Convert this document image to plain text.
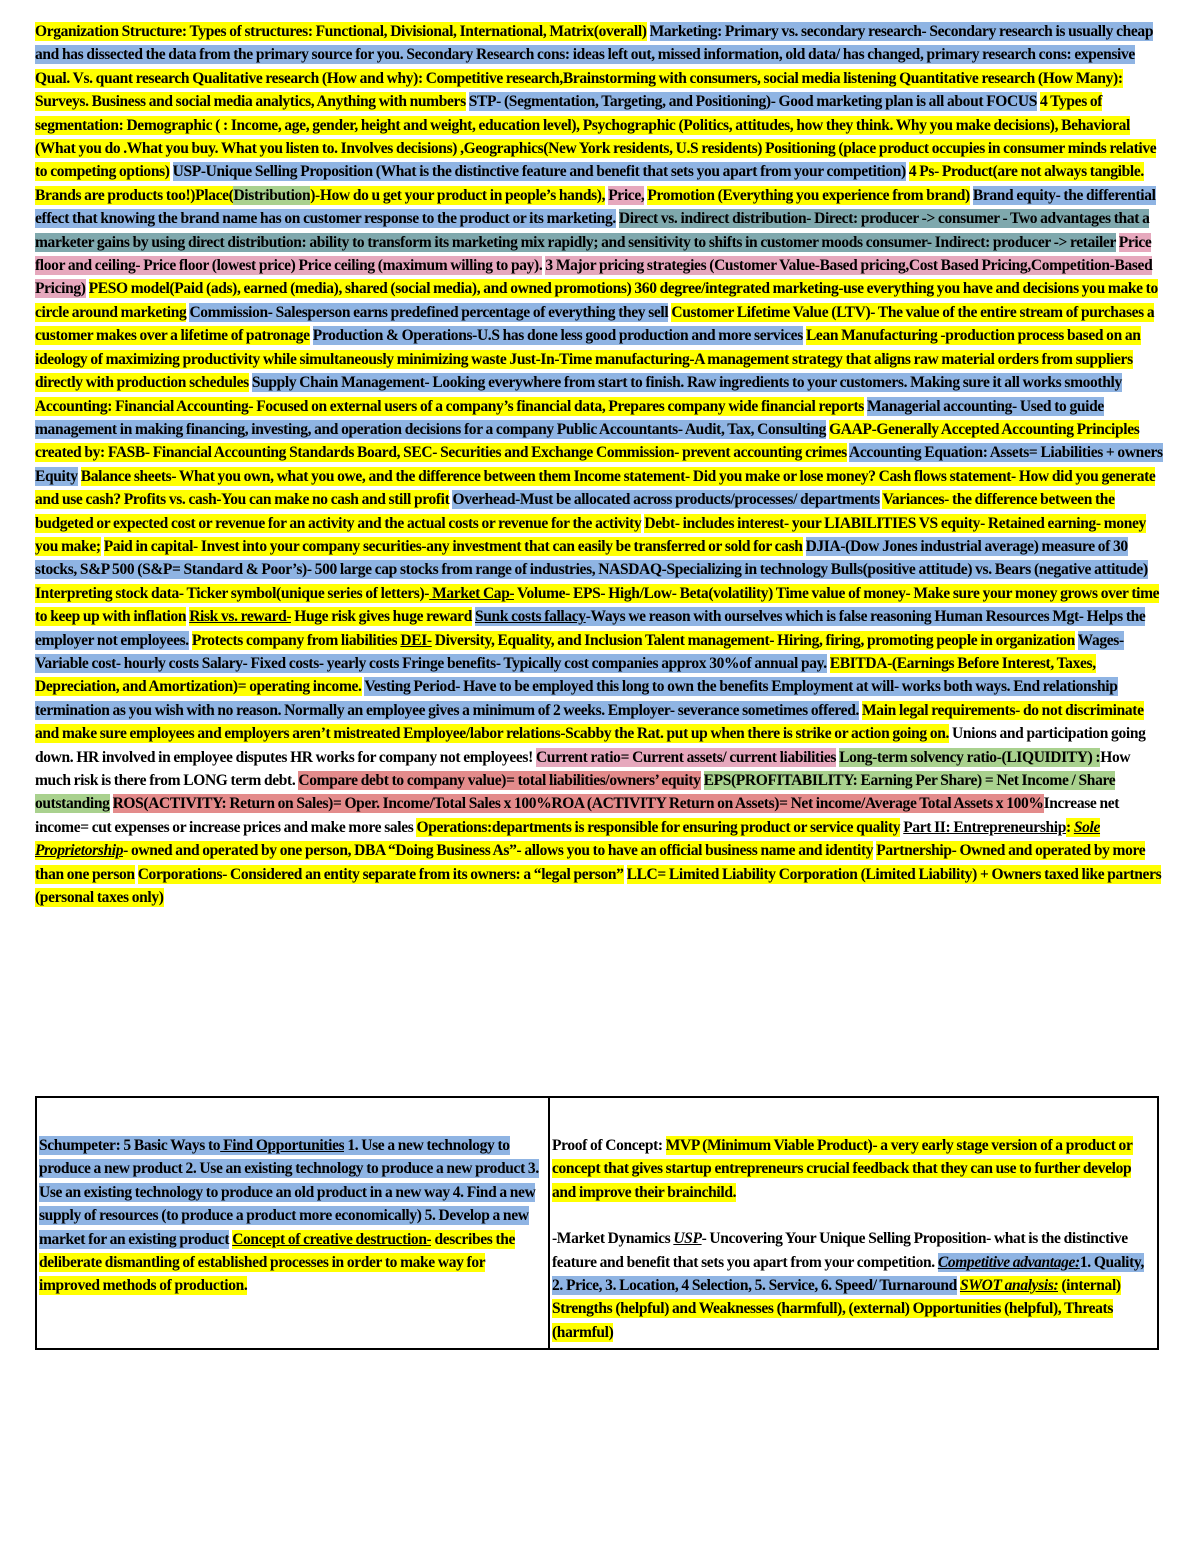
Organization Structure: Types of structures: Functional, Divisional, International, Matrix(overall) Marketing: Primary vs. secondary research- Secondary research is usually cheap and has dissected the data from the primary source for you. Secondary Research cons: ideas left out, missed information, old data/ has changed, primary research cons: expensive Qual. Vs. quant research Qualitative research (How and why): Competitive research,Brainstorming with consumers, social media listening Quantitative research (How Many): Surveys. Business and social media analytics, Anything with numbers STP- (Segmentation, Targeting, and Positioning)- Good marketing plan is all about FOCUS 4 Types of segmentation: Demographic ( : Income, age, gender, height and weight, education level), Psychographic (Politics, attitudes, how they think. Why you make decisions), Behavioral (What you do .What you buy. What you listen to. Involves decisions) ,Geographics(New York residents, U.S residents) Positioning (place product occupies in consumer minds relative to competing options) USP-Unique Selling Proposition (What is the distinctive feature and benefit that sets you apart from your competition) 4 Ps- Product(are not always tangible. Brands are products too!)Place(Distribution)-How do u get your product in people’s hands), Price, Promotion (Everything you experience from brand) Brand equity- the differential effect that knowing the brand name has on customer response to the product or its marketing. Direct vs. indirect distribution- Direct: producer -> consumer - Two advantages that a marketer gains by using direct distribution: ability to transform its marketing mix rapidly; and sensitivity to shifts in customer moods consumer- Indirect: producer -> retailer Price floor and ceiling- Price floor (lowest price) Price ceiling (maximum willing to pay). 3 Major pricing strategies (Customer Value-Based pricing,Cost Based Pricing,Competition-Based Pricing) PESO model(Paid (ads), earned (media), shared (social media), and owned promotions) 360 degree/integrated marketing-use everything you have and decisions you make to circle around marketing Commission- Salesperson earns predefined percentage of everything they sell Customer Lifetime Value (LTV)- The value of the entire stream of purchases a customer makes over a lifetime of patronage Production & Operations-U.S has done less good production and more services Lean Manufacturing -production process based on an ideology of maximizing productivity while simultaneously minimizing waste Just-In-Time manufacturing-A management strategy that aligns raw material orders from suppliers directly with production schedules Supply Chain Management- Looking everywhere from start to finish. Raw ingredients to your customers. Making sure it all works smoothly Accounting: Financial Accounting- Focused on external users of a company’s financial data, Prepares company wide financial reports Managerial accounting- Used to guide management in making financing, investing, and operation decisions for a company Public Accountants- Audit, Tax, Consulting GAAP-Generally Accepted Accounting Principles created by: FASB- Financial Accounting Standards Board, SEC- Securities and Exchange Commission- prevent accounting crimes Accounting Equation: Assets= Liabilities + owners Equity Balance sheets- What you own, what you owe, and the difference between them Income statement- Did you make or lose money? Cash flows statement- How did you generate and use cash? Profits vs. cash-You can make no cash and still profit Overhead-Must be allocated across products/processes/ departments Variances- the difference between the budgeted or expected cost or revenue for an activity and the actual costs or revenue for the activity Debt- includes interest- your LIABILITIES VS equity- Retained earning- money you make; Paid in capital- Invest into your company securities-any investment that can easily be transferred or sold for cash DJIA-(Dow Jones industrial average) measure of 30 stocks, S&P 500 (S&P= Standard & Poor’s)- 500 large cap stocks from range of industries, NASDAQ-Specializing in technology Bulls(positive attitude) vs. Bears (negative attitude) Interpreting stock data- Ticker symbol(unique series of letters)- Market Cap- Volume- EPS- High/Low- Beta(volatility) Time value of money- Make sure your money grows over time to keep up with inflation Risk vs. reward- Huge risk gives huge reward Sunk costs fallacy-Ways we reason with ourselves which is false reasoning Human Resources Mgt- Helps the employer not employees. Protects company from liabilities DEI- Diversity, Equality, and Inclusion Talent management- Hiring, firing, promoting people in organization Wages- Variable cost- hourly costs Salary- Fixed costs- yearly costs Fringe benefits- Typically cost companies approx 30%of annual pay. EBITDA-(Earnings Before Interest, Taxes, Depreciation, and Amortization)= operating income. Vesting Period- Have to be employed this long to own the benefits Employment at will- works both ways. End relationship termination as you wish with no reason. Normally an employee gives a minimum of 2 weeks. Employer- severance sometimes offered. Main legal requirements- do not discriminate and make sure employees and employers aren’t mistreated Employee/labor relations-Scabby the Rat. put up when there is strike or action going on. Unions and participation going down. HR involved in employee disputes HR works for company not employees! Current ratio= Current assets/ current liabilities Long-term solvency ratio-(LIQUIDITY) :How much risk is there from LONG term debt. Compare debt to company value)= total liabilities/owners’ equity EPS(PROFITABILITY: Earning Per Share) = Net Income / Share outstanding ROS(ACTIVITY: Return on Sales)= Oper. Income/Total Sales x 100%ROA (ACTIVITY Return on Assets)= Net income/Average Total Assets x 100%Increase net income= cut expenses or increase prices and make more sales Operations:departments is responsible for ensuring product or service quality Part II: Entrepreneurship: Sole Proprietorship- owned and operated by one person, DBA “Doing Business As”- allows you to have an official business name and identity Partnership- Owned and operated by more than one person Corporations- Considered an entity separate from its owners: a “legal person” LLC= Limited Liability Corporation (Limited Liability) + Owners taxed like partners (personal taxes only)
Schumpeter: 5 Basic Ways to Find Opportunities 1. Use a new technology to produce a new product 2. Use an existing technology to produce a new product 3. Use an existing technology to produce an old product in a new way 4. Find a new supply of resources (to produce a product more economically) 5. Develop a new market for an existing product Concept of creative destruction- describes the deliberate dismantling of established processes in order to make way for improved methods of production.
Proof of Concept: MVP (Minimum Viable Product)- a very early stage version of a product or concept that gives startup entrepreneurs crucial feedback that they can use to further develop and improve their brainchild.
-Market Dynamics USP- Uncovering Your Unique Selling Proposition- what is the distinctive feature and benefit that sets you apart from your competition. Competitive advantage:1. Quality, 2. Price, 3. Location, 4 Selection, 5. Service, 6. Speed/ Turnaround SWOT analysis: (internal) Strengths (helpful) and Weaknesses (harmfull), (external) Opportunities (helpful), Threats (harmful)
